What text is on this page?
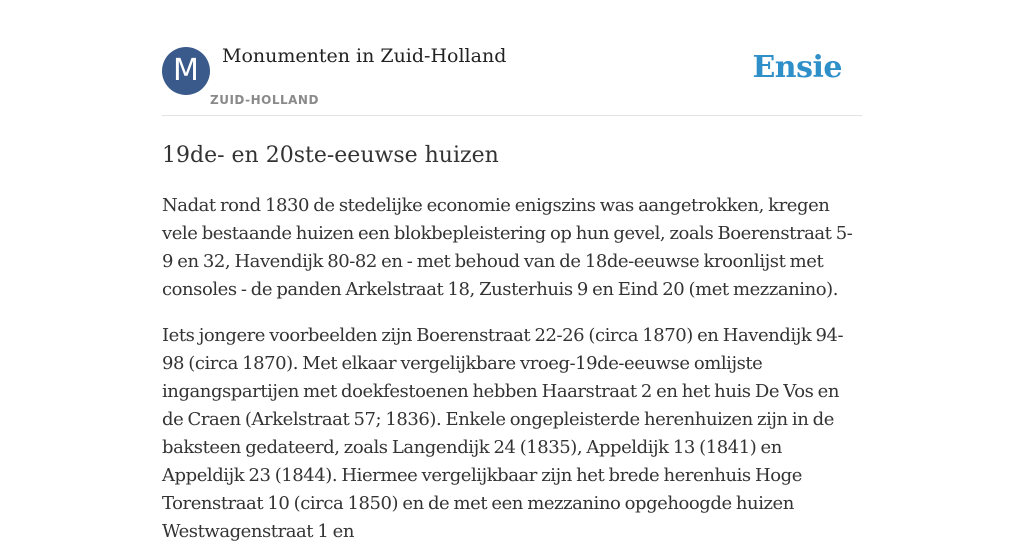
M	Monumenten in Zuid-Holland
ZUID-HOLLAND
Ensie
19de- en 20ste-eeuwse huizen

Nadat rond 1830 de stedelijke economie enigszins was aangetrokken, kregen vele bestaande huizen een blokbepleistering op hun gevel, zoals Boerenstraat 5-9 en 32, Havendijk 80-82 en - met behoud van de 18de-eeuwse kroonlijst met consoles - de panden Arkelstraat 18, Zusterhuis 9 en Eind 20 (met mezzanino).

Iets jongere voorbeelden zijn Boerenstraat 22-26 (circa 1870) en Havendijk 94-98 (circa 1870). Met elkaar vergelijkbare vroeg-19de-eeuwse omlijste ingangspartijen met doekfestoenen hebben Haarstraat 2 en het huis De Vos en de Craen (Arkelstraat 57; 1836). Enkele ongepleisterde herenhuizen zijn in de baksteen gedateerd, zoals Langendijk 24 (1835), Appeldijk 13 (1841) en Appeldijk 23 (1844). Hiermee vergelijkbaar zijn het brede herenhuis Hoge Torenstraat 10 (circa 1850) en de met een mezzanino opgehoogde huizen Westwagenstraat 1 en
